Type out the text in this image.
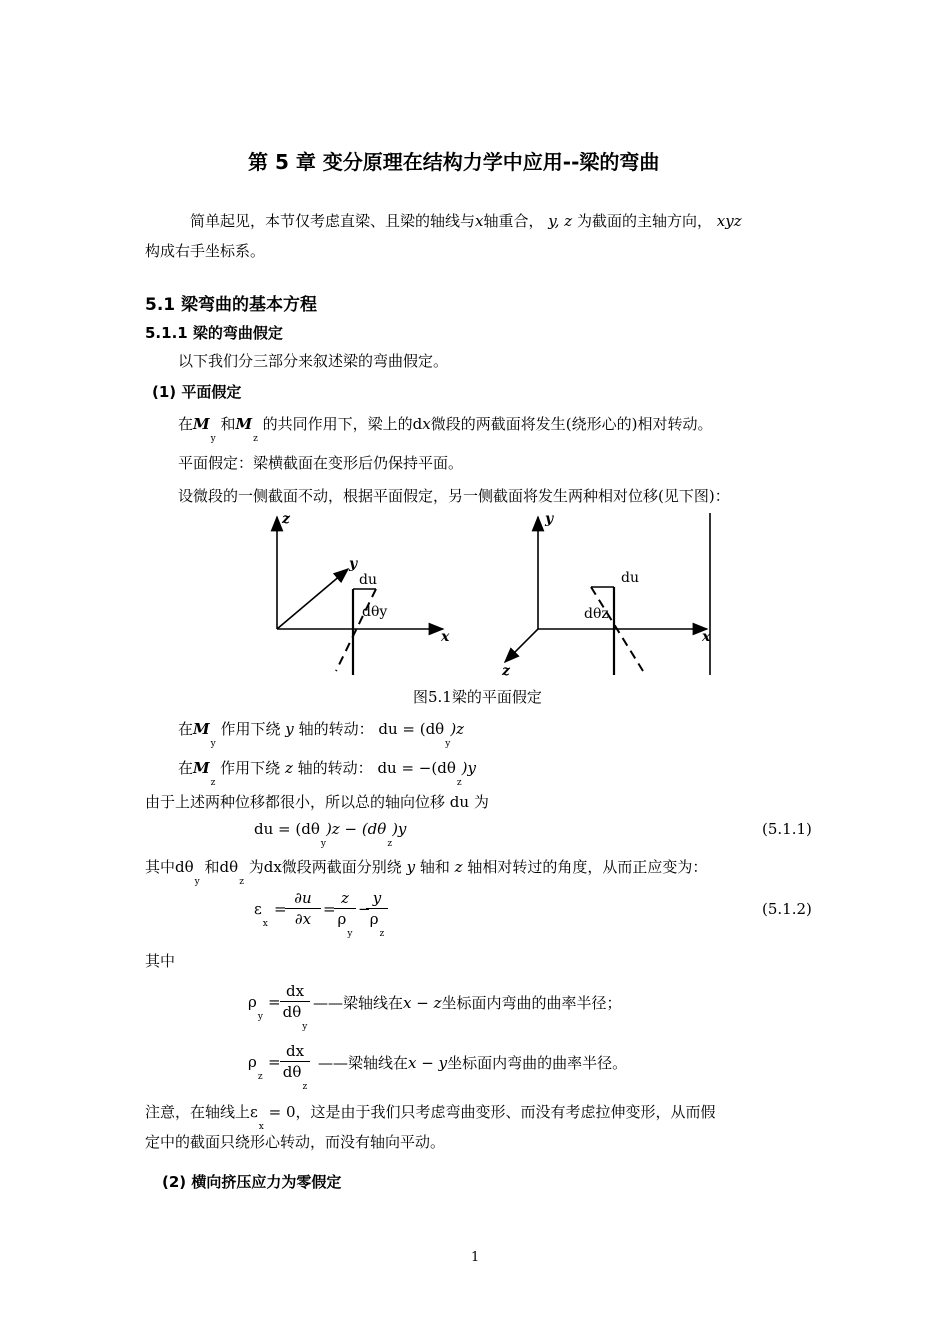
第 5 章 变分原理在结构力学中应用--梁的弯曲
简单起见，本节仅考虑直梁、且梁的轴线与x轴重合， y, z 为截面的主轴方向， xyz
构成右手坐标系。
5.1 梁弯曲的基本方程
5.1.1 梁的弯曲假定
以下我们分三部分来叙述梁的弯曲假定。
(1) 平面假定
在$M_y$ 和$M_z$ 的共同作用下，梁上的dx微段的两截面将发生(绕形心的)相对转动。
平面假定：梁横截面在变形后仍保持平面。
设微段的一侧截面不动，根据平面假定，另一侧截面将发生两种相对位移(见下图)：
z
y
x
du
dθy
y
z
x
du
dθz
图5.1梁的平面假定
在$M_y$ 作用下绕 y 轴的转动： du = $(d\theta_y)z$
在$M_z$ 作用下绕 z 轴的转动： du = $-(d\theta_z)y$
由于上述两种位移都很小，所以总的轴向位移 du 为
du = $(d\theta_y)z - (d\theta_z)y$	(5.1.1)
其中$d\theta_y$ 和$d\theta_z$ 为dx微段两截面分别绕 y 轴和 z 轴相对转过的角度，从而正应变为：
$\varepsilon_x$
=
∂u
∂x
=
z
$\rho_y$
−
y
$\rho_z$
(5.1.2)
其中
$\rho_y$
=
dx
$d\theta_y$
——梁轴线在x − z坐标面内弯曲的曲率半径；
$\rho_z$
=
dx
$d\theta_z$
——梁轴线在x − y坐标面内弯曲的曲率半径。
注意，在轴线上$\varepsilon_x = 0$，这是由于我们只考虑弯曲变形、而没有考虑拉伸变形，从而假
定中的截面只绕形心转动，而没有轴向平动。
(2) 横向挤压应力为零假定
1
